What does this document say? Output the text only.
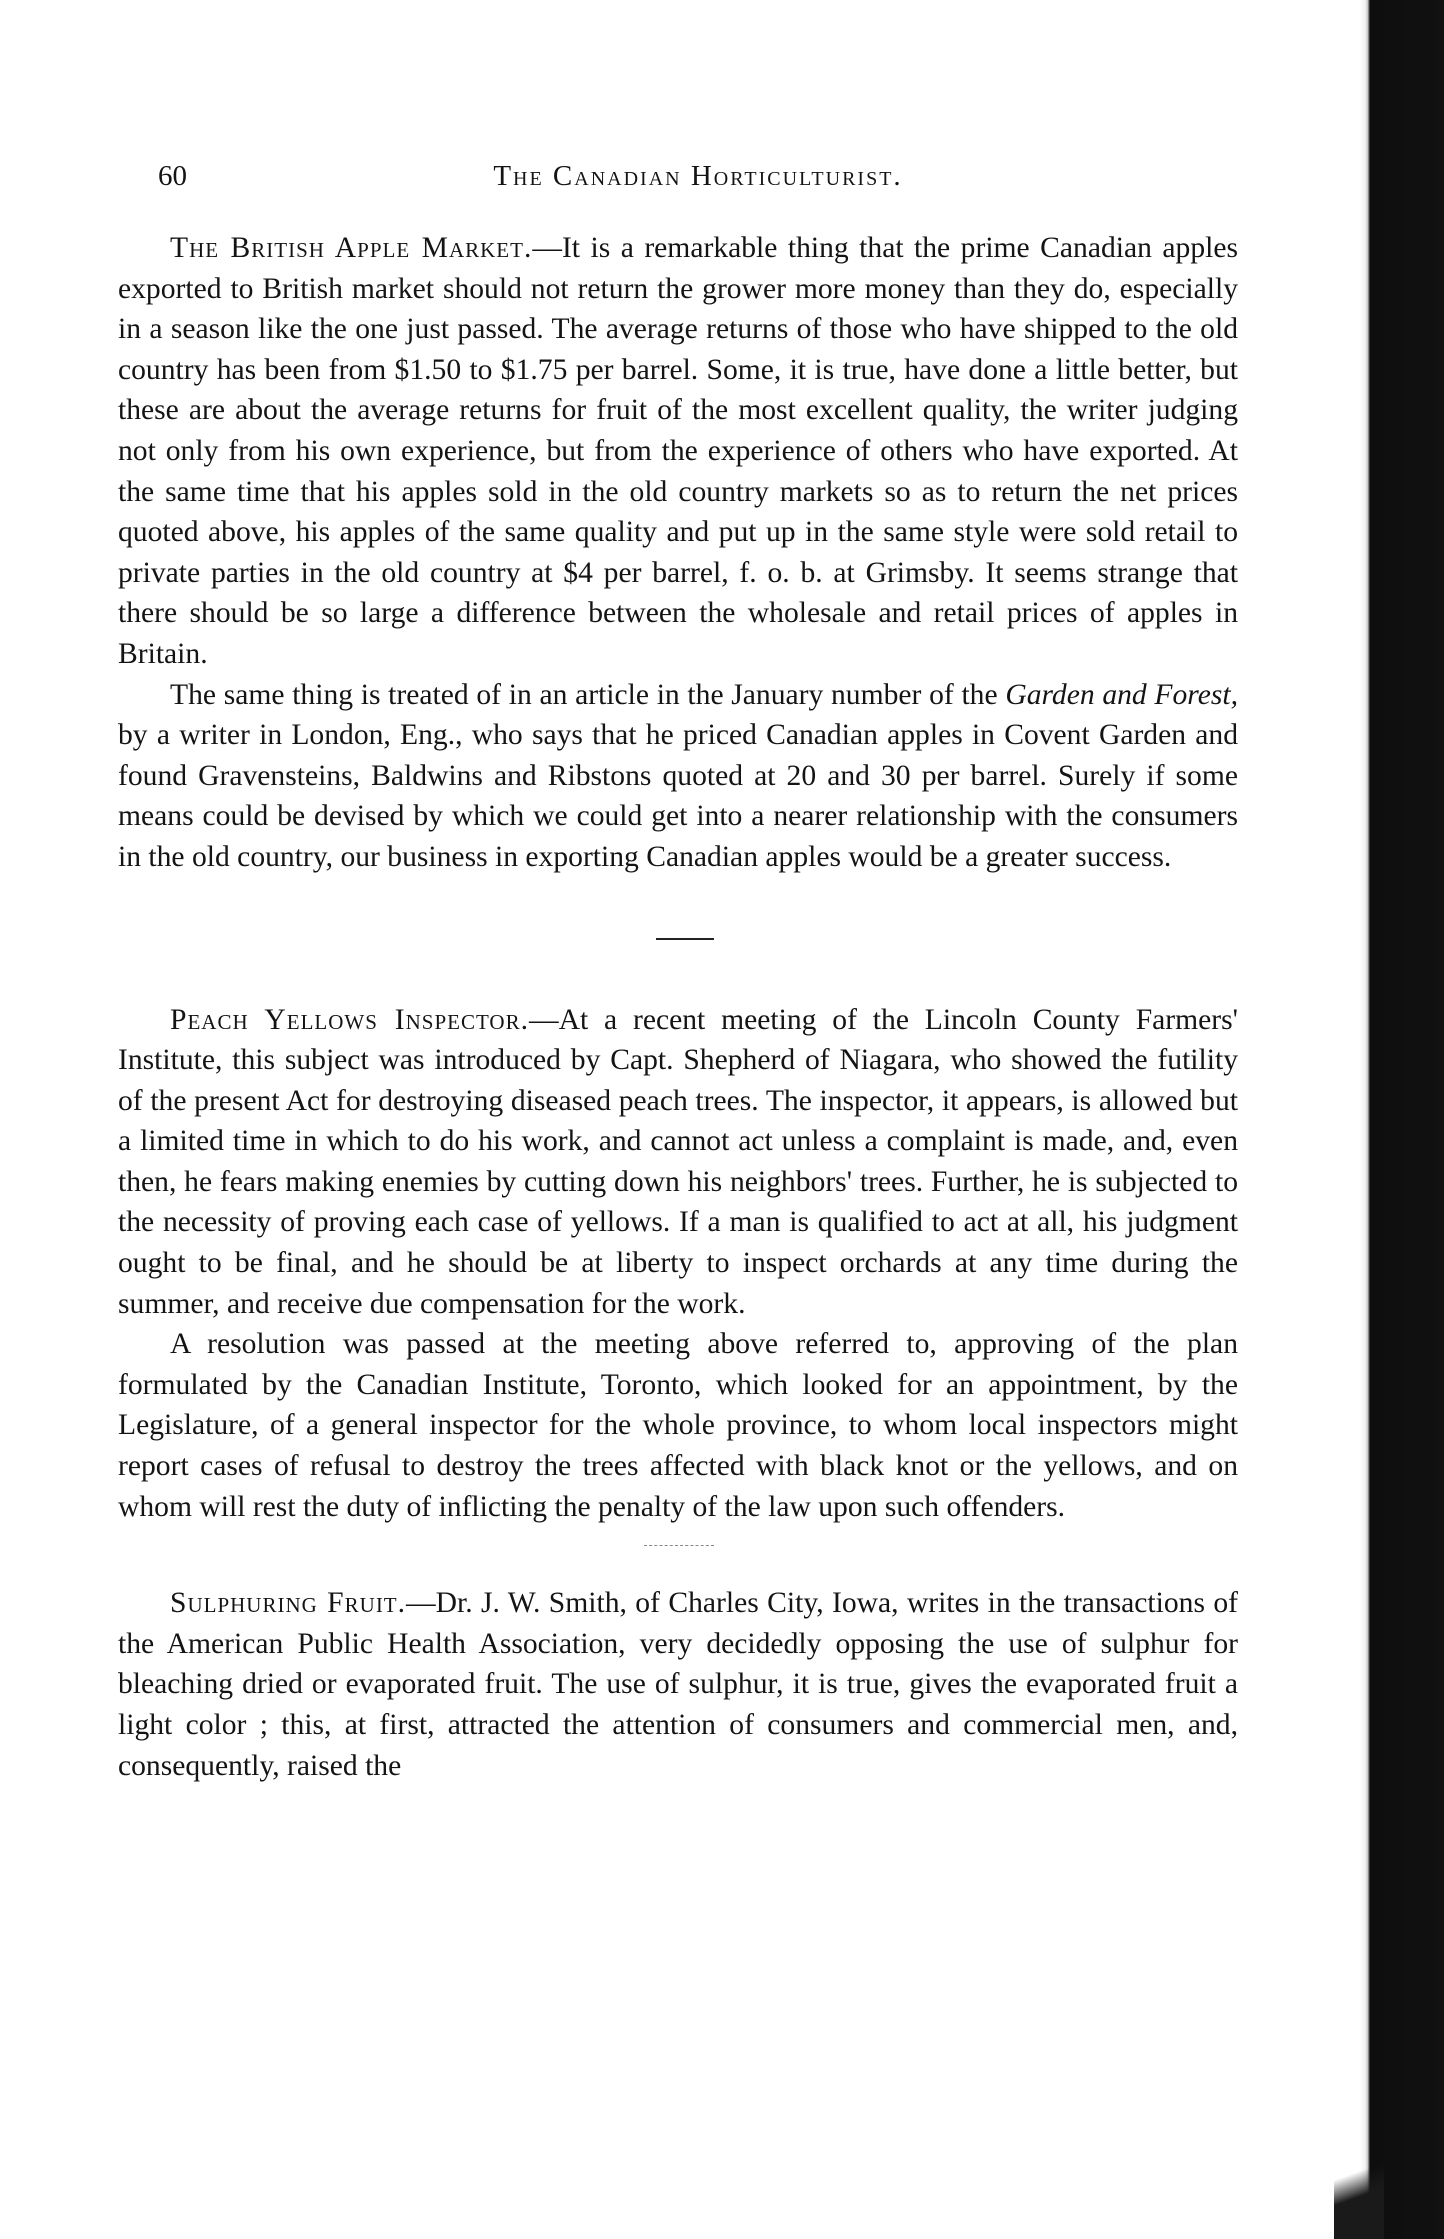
60	The Canadian Horticulturist.

The British Apple Market.—It is a remarkable thing that the prime Canadian apples exported to British market should not return the grower more money than they do, especially in a season like the one just passed. The average returns of those who have shipped to the old country has been from $1.50 to $1.75 per barrel. Some, it is true, have done a little better, but these are about the average returns for fruit of the most excellent quality, the writer judging not only from his own experience, but from the experience of others who have exported. At the same time that his apples sold in the old country markets so as to return the net prices quoted above, his apples of the same quality and put up in the same style were sold retail to private parties in the old country at $4 per barrel, f. o. b. at Grimsby. It seems strange that there should be so large a difference between the wholesale and retail prices of apples in Britain.

The same thing is treated of in an article in the January number of the Garden and Forest, by a writer in London, Eng., who says that he priced Canadian apples in Covent Garden and found Gravensteins, Baldwins and Ribstons quoted at 20 and 30 per barrel. Surely if some means could be devised by which we could get into a nearer relationship with the consumers in the old country, our business in exporting Canadian apples would be a greater success.

Peach Yellows Inspector.—At a recent meeting of the Lincoln County Farmers' Institute, this subject was introduced by Capt. Shepherd of Niagara, who showed the futility of the present Act for destroying diseased peach trees. The inspector, it appears, is allowed but a limited time in which to do his work, and cannot act unless a complaint is made, and, even then, he fears making enemies by cutting down his neighbors' trees. Further, he is subjected to the necessity of proving each case of yellows. If a man is qualified to act at all, his judgment ought to be final, and he should be at liberty to inspect orchards at any time during the summer, and receive due compensation for the work.

A resolution was passed at the meeting above referred to, approving of the plan formulated by the Canadian Institute, Toronto, which looked for an appointment, by the Legislature, of a general inspector for the whole province, to whom local inspectors might report cases of refusal to destroy the trees affected with black knot or the yellows, and on whom will rest the duty of inflicting the penalty of the law upon such offenders.

Sulphuring Fruit.—Dr. J. W. Smith, of Charles City, Iowa, writes in the transactions of the American Public Health Association, very decidedly opposing the use of sulphur for bleaching dried or evaporated fruit. The use of sulphur, it is true, gives the evaporated fruit a light color ; this, at first, attracted the attention of consumers and commercial men, and, consequently, raised the
